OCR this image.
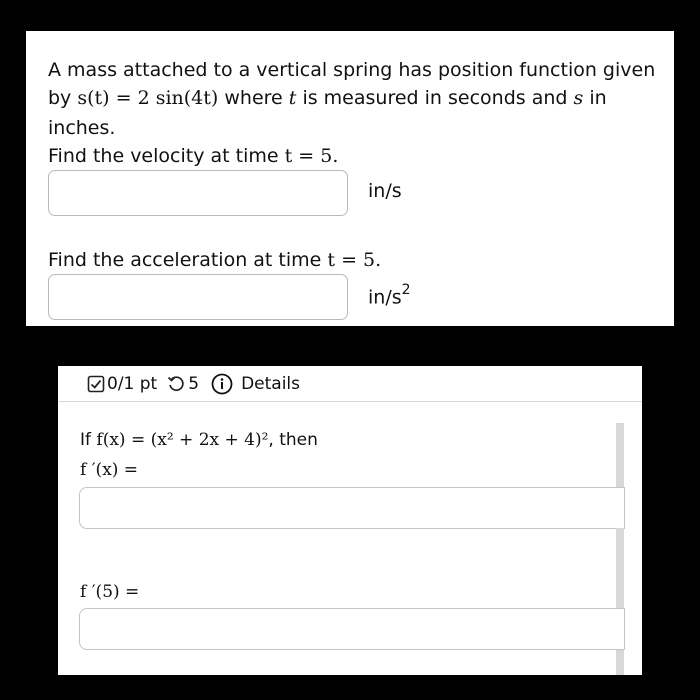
A mass attached to a vertical spring has position function given
by s(t) = 2 sin(4t) where t is measured in seconds and s in
inches.
Find the velocity at time t = 5.
in/s
Find the acceleration at time t = 5.
$in/s^2$
0/1 pt 5 Details
If f(x) = (x² + 2x + 4)², then
f ′(x) =
f ′(5) =
